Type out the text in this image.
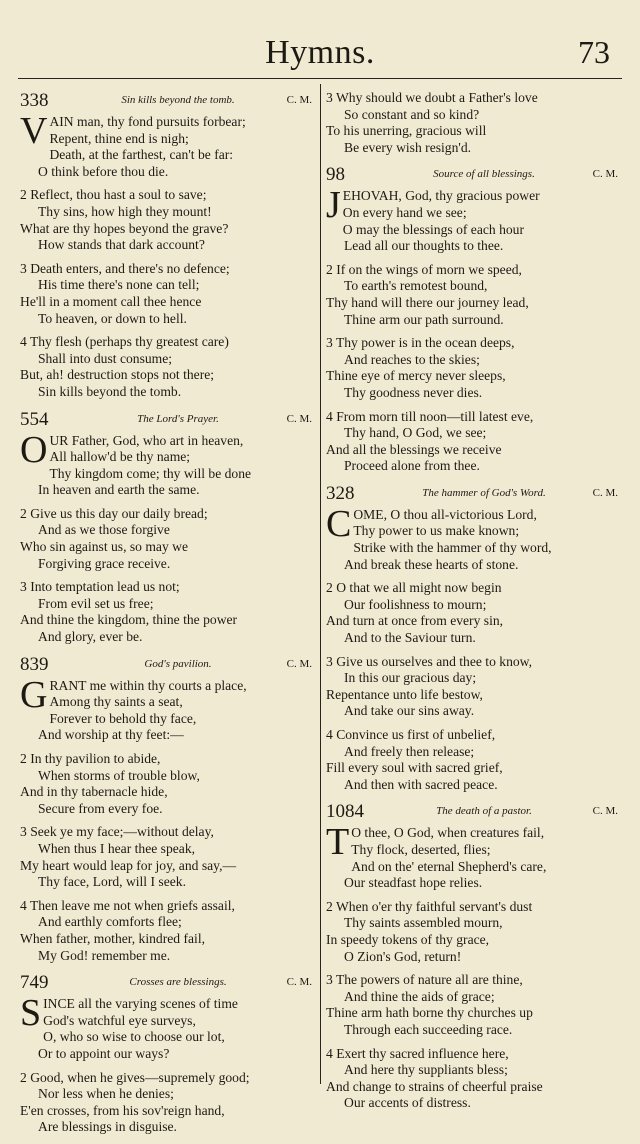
Hymns.	73
338	Sin kills beyond the tomb.	C. M.
VAIN man, thy fond pursuits forbear;
Repent, thine end is nigh;
Death, at the farthest, can't be far:
O think before thou die.
2 Reflect, thou hast a soul to save;
Thy sins, how high they mount!
What are thy hopes beyond the grave?
How stands that dark account?
3 Death enters, and there's no defence;
His time there's none can tell;
He'll in a moment call thee hence
To heaven, or down to hell.
4 Thy flesh (perhaps thy greatest care)
Shall into dust consume;
But, ah! destruction stops not there;
Sin kills beyond the tomb.
554	The Lord's Prayer.	C. M.
OUR Father, God, who art in heaven,
All hallow'd be thy name;
Thy kingdom come; thy will be done
In heaven and earth the same.
2 Give us this day our daily bread;
And as we those forgive
Who sin against us, so may we
Forgiving grace receive.
3 Into temptation lead us not;
From evil set us free;
And thine the kingdom, thine the power
And glory, ever be.
839	God's pavilion.	C. M.
GRANT me within thy courts a place,
Among thy saints a seat,
Forever to behold thy face,
And worship at thy feet:—
2 In thy pavilion to abide,
When storms of trouble blow,
And in thy tabernacle hide,
Secure from every foe.
3 Seek ye my face;—without delay,
When thus I hear thee speak,
My heart would leap for joy, and say,—
Thy face, Lord, will I seek.
4 Then leave me not when griefs assail,
And earthly comforts flee;
When father, mother, kindred fail,
My God! remember me.
749	Crosses are blessings.	C. M.
SINCE all the varying scenes of time
God's watchful eye surveys,
O, who so wise to choose our lot,
Or to appoint our ways?
2 Good, when he gives—supremely good;
Nor less when he denies;
E'en crosses, from his sov'reign hand,
Are blessings in disguise.
3 Why should we doubt a Father's love
So constant and so kind?
To his unerring, gracious will
Be every wish resign'd.
98	Source of all blessings.	C. M.
JEHOVAH, God, thy gracious power
On every hand we see;
O may the blessings of each hour
Lead all our thoughts to thee.
2 If on the wings of morn we speed,
To earth's remotest bound,
Thy hand will there our journey lead,
Thine arm our path surround.
3 Thy power is in the ocean deeps,
And reaches to the skies;
Thine eye of mercy never sleeps,
Thy goodness never dies.
4 From morn till noon—till latest eve,
Thy hand, O God, we see;
And all the blessings we receive
Proceed alone from thee.
328	The hammer of God's Word.	C. M.
COME, O thou all-victorious Lord,
Thy power to us make known;
Strike with the hammer of thy word,
And break these hearts of stone.
2 O that we all might now begin
Our foolishness to mourn;
And turn at once from every sin,
And to the Saviour turn.
3 Give us ourselves and thee to know,
In this our gracious day;
Repentance unto life bestow,
And take our sins away.
4 Convince us first of unbelief,
And freely then release;
Fill every soul with sacred grief,
And then with sacred peace.
1084	The death of a pastor.	C. M.
T O thee, O God, when creatures fail,
Thy flock, deserted, flies;
And on the' eternal Shepherd's care,
Our steadfast hope relies.
2 When o'er thy faithful servant's dust
Thy saints assembled mourn,
In speedy tokens of thy grace,
O Zion's God, return!
3 The powers of nature all are thine,
And thine the aids of grace;
Thine arm hath borne thy churches up
Through each succeeding race.
4 Exert thy sacred influence here,
And here thy suppliants bless;
And change to strains of cheerful praise
Our accents of distress.
